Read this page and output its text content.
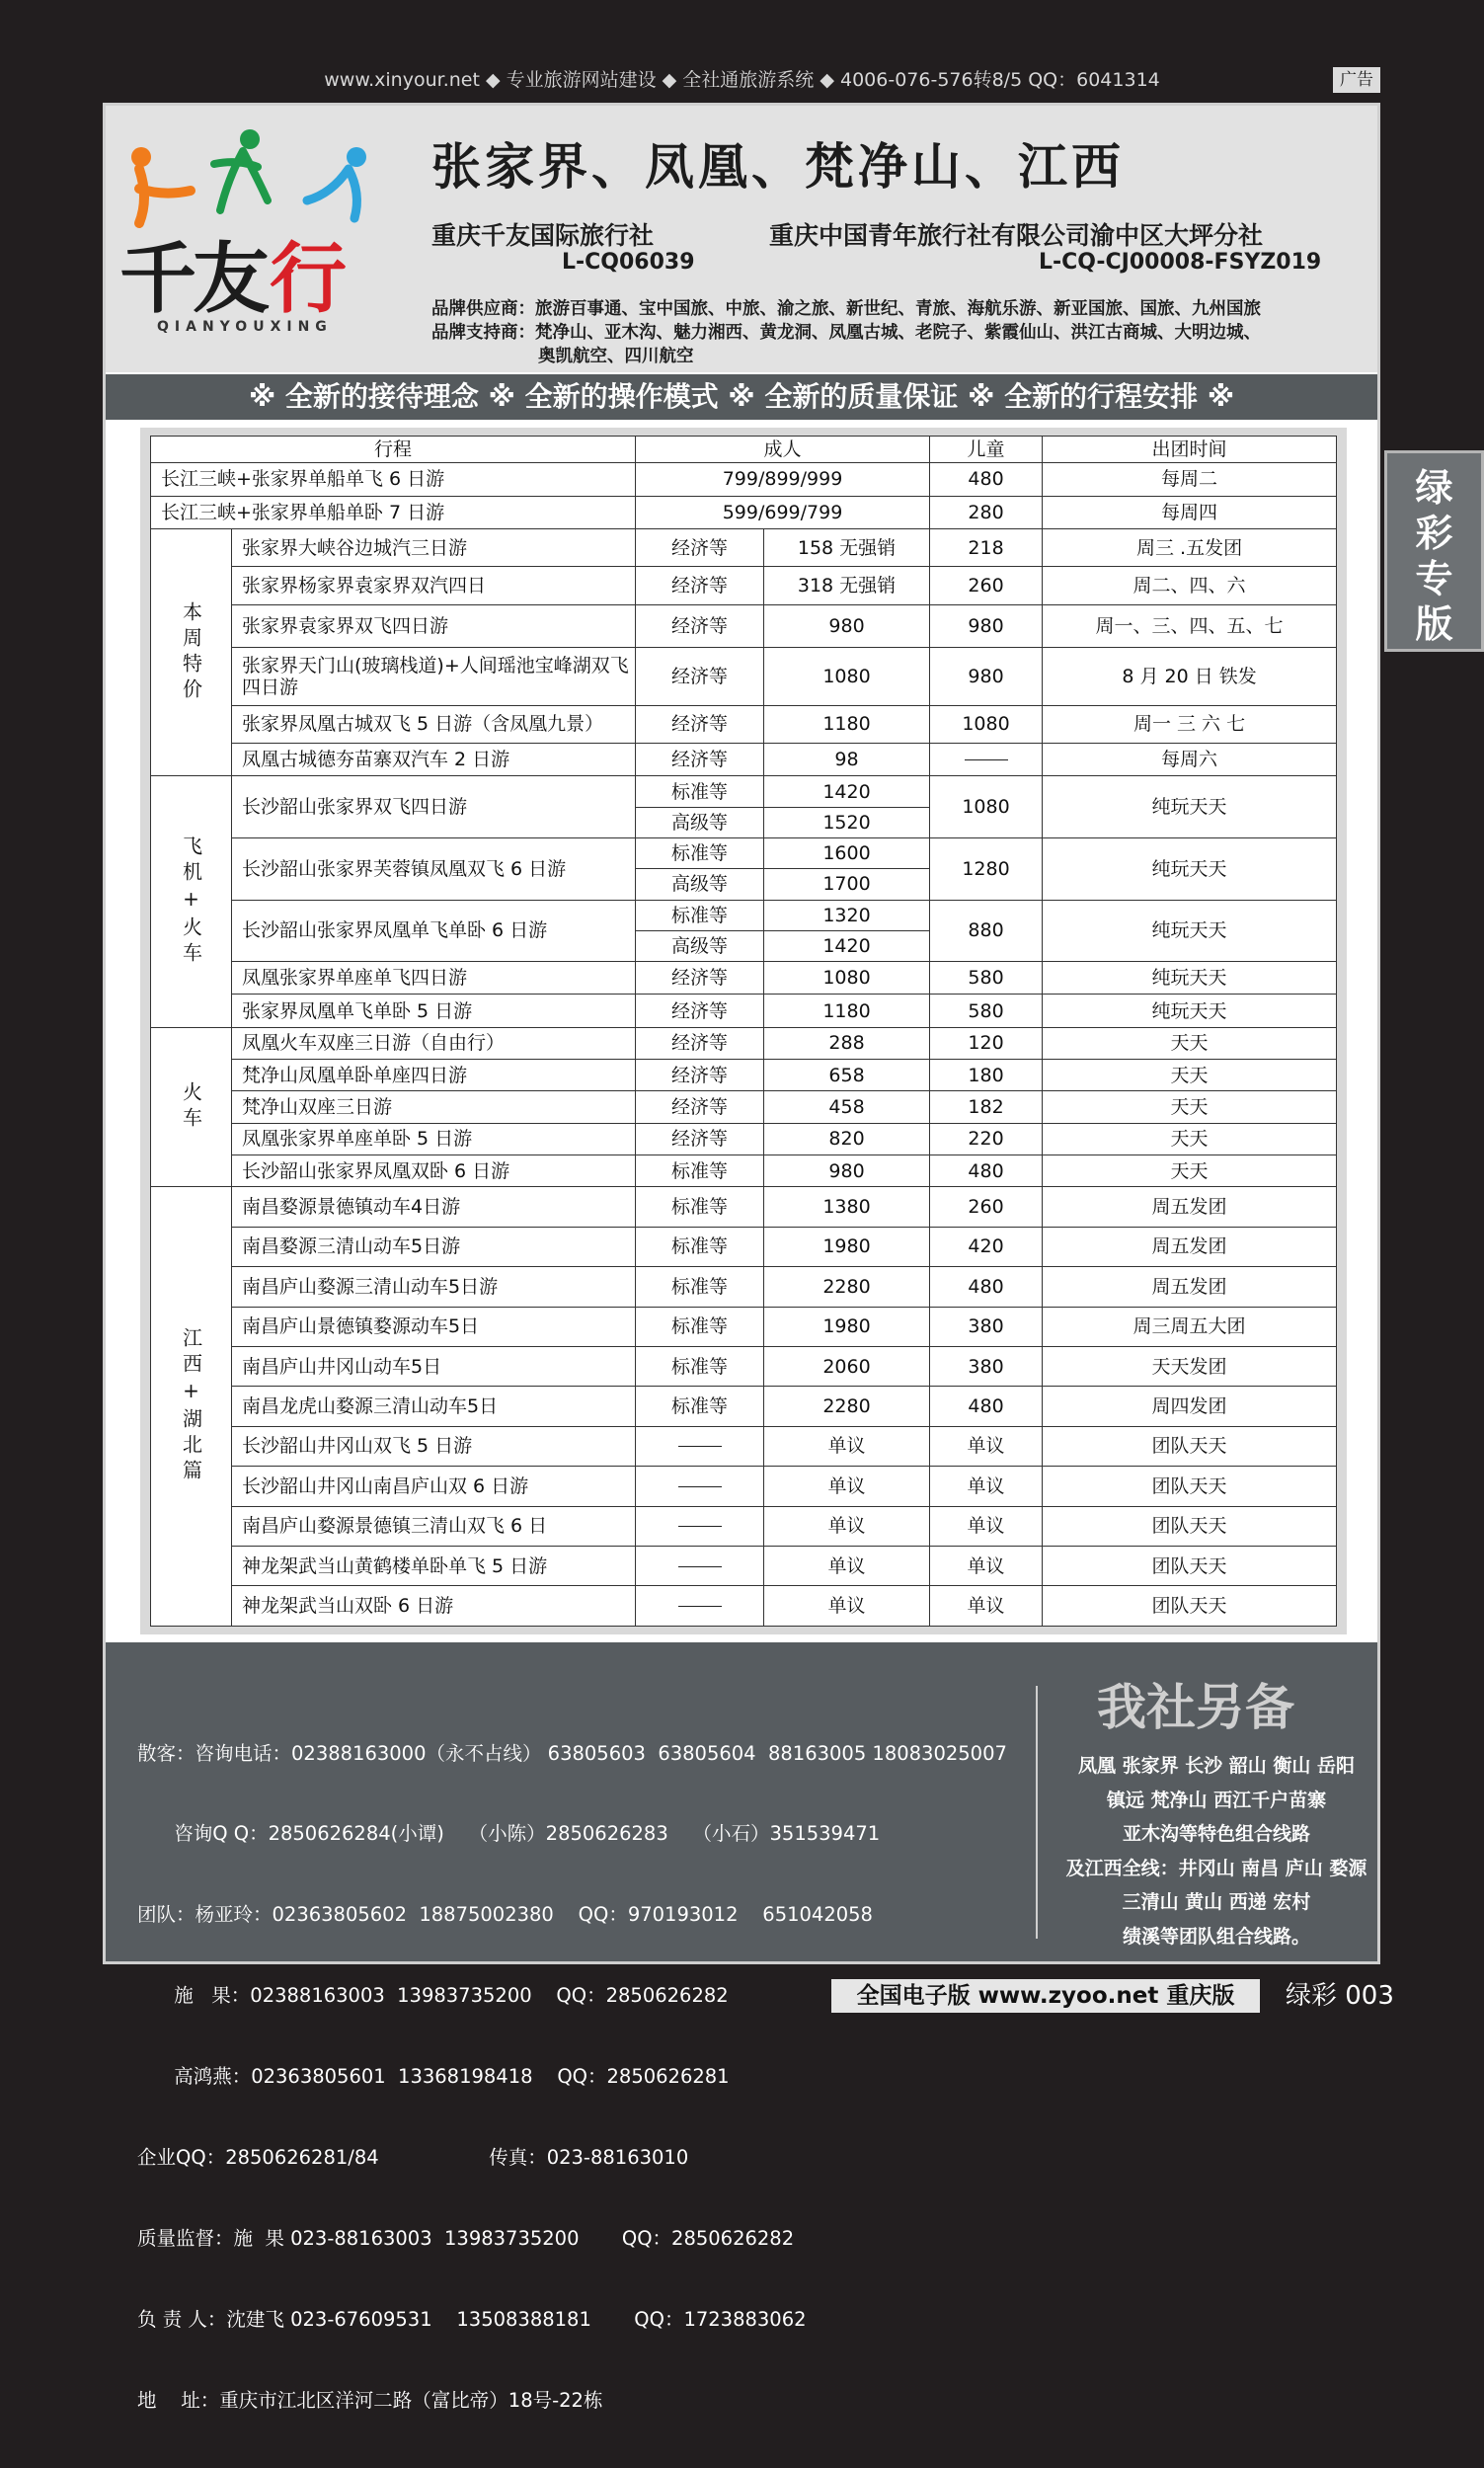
www.xinyour.net ◆ 专业旅游网站建设 ◆ 全社通旅游系统 ◆ 4006-076-576转8/5 QQ：6041314	广告
千
友 行
QIANYOUXING
张家界、凤凰、梵净山、江西
重庆千友国际旅行社
L-CQ06039
重庆中国青年旅行社有限公司渝中区大坪分社
L-CQ-CJ00008-FSYZ019
品牌供应商：旅游百事通、宝中国旅、中旅、渝之旅、新世纪、青旅、海航乐游、新亚国旅、国旅、九州国旅
品牌支持商：梵净山、亚木沟、魅力湘西、黄龙洞、凤凰古城、老院子、紫霞仙山、洪江古商城、大明边城、
奥凯航空、四川航空
※ 全新的接待理念 ※ 全新的操作模式 ※ 全新的质量保证 ※ 全新的行程安排 ※
行程		成人		儿童	出团时间
长江三峡+张家界单船单飞 6 日游		799/899/999		480	每周二
长江三峡+张家界单船单卧 7 日游		599/699/799		280	每周四
本周特价	张家界大峡谷边城汽三日游	经济等	158 无强销	218	周三 .五发团
	张家界杨家界袁家界双汽四日	经济等	318 无强销	260	周二、四、六
	张家界袁家界双飞四日游	经济等	980	980	周一、三、四、五、七
	张家界天门山(玻璃栈道)+人间瑶池宝峰湖双飞四日游	经济等	1080	980	8 月 20 日 铁发
	张家界凤凰古城双飞 5 日游（含凤凰九景）	经济等	1180	1080	周一 三 六 七
	凤凰古城德夯苗寨双汽车 2 日游	经济等	98		每周六
飞机+火车	长沙韶山张家界双飞四日游	标准等	1420	1080	纯玩天天
		高级等	1520		
	长沙韶山张家界芙蓉镇凤凰双飞 6 日游	标准等	1600	1280	纯玩天天
		高级等	1700		
	长沙韶山张家界凤凰单飞单卧 6 日游	标准等	1320	880	纯玩天天
		高级等	1420		
	凤凰张家界单座单飞四日游	经济等	1080	580	纯玩天天
	张家界凤凰单飞单卧 5 日游	经济等	1180	580	纯玩天天
火车	凤凰火车双座三日游（自由行）	经济等	288	120	天天
	梵净山凤凰单卧单座四日游	经济等	658	180	天天
	梵净山双座三日游	经济等	458	182	天天
	凤凰张家界单座单卧 5 日游	经济等	820	220	天天
	长沙韶山张家界凤凰双卧 6 日游	标准等	980	480	天天
江西+湖北篇	南昌婺源景德镇动车4日游	标准等	1380	260	周五发团
	南昌婺源三清山动车5日游	标准等	1980	420	周五发团
	南昌庐山婺源三清山动车5日游	标准等	2280	480	周五发团
	南昌庐山景德镇婺源动车5日	标准等	1980	380	周三周五大团
	南昌庐山井冈山动车5日	标准等	2060	380	天天发团
	南昌龙虎山婺源三清山动车5日	标准等	2280	480	周四发团
	长沙韶山井冈山双飞 5 日游		单议	单议	团队天天
	长沙韶山井冈山南昌庐山双 6 日游		单议	单议	团队天天
	南昌庐山婺源景德镇三清山双飞 6 日		单议	单议	团队天天
	神龙架武当山黄鹤楼单卧单飞 5 日游		单议	单议	团队天天
	神龙架武当山双卧 6 日游		单议	单议	团队天天

散客：咨询电话：02388163000（永不占线） 63805603  63805604  88163005 18083025007

咨询Q Q：2850626284(小谭)    （小陈）2850626283    （小石）351539471

团队：杨亚玲：02363805602  18875002380    QQ：970193012    651042058

施   果：02388163003  13983735200    QQ：2850626282

高鸿燕：02363805601  13368198418    QQ：2850626281

企业QQ：2850626281/84                  传真：023-88163010

质量监督：施  果 023-88163003  13983735200       QQ：2850626282

负 责 人：沈建飞 023-67609531    13508388181       QQ：1723883062

地    址：重庆市江北区洋河二路（富比帝）18号-22栋

我社另备
凤凰 张家界 长沙 韶山 衡山 岳阳
镇远 梵净山 西江千户苗寨
亚木沟等特色组合线路
及江西全线：井冈山 南昌 庐山 婺源
三清山 黄山 西递 宏村
绩溪等团队组合线路。
绿
彩
专
版
全国电子版 www.zyoo.net 重庆版	绿彩 003
